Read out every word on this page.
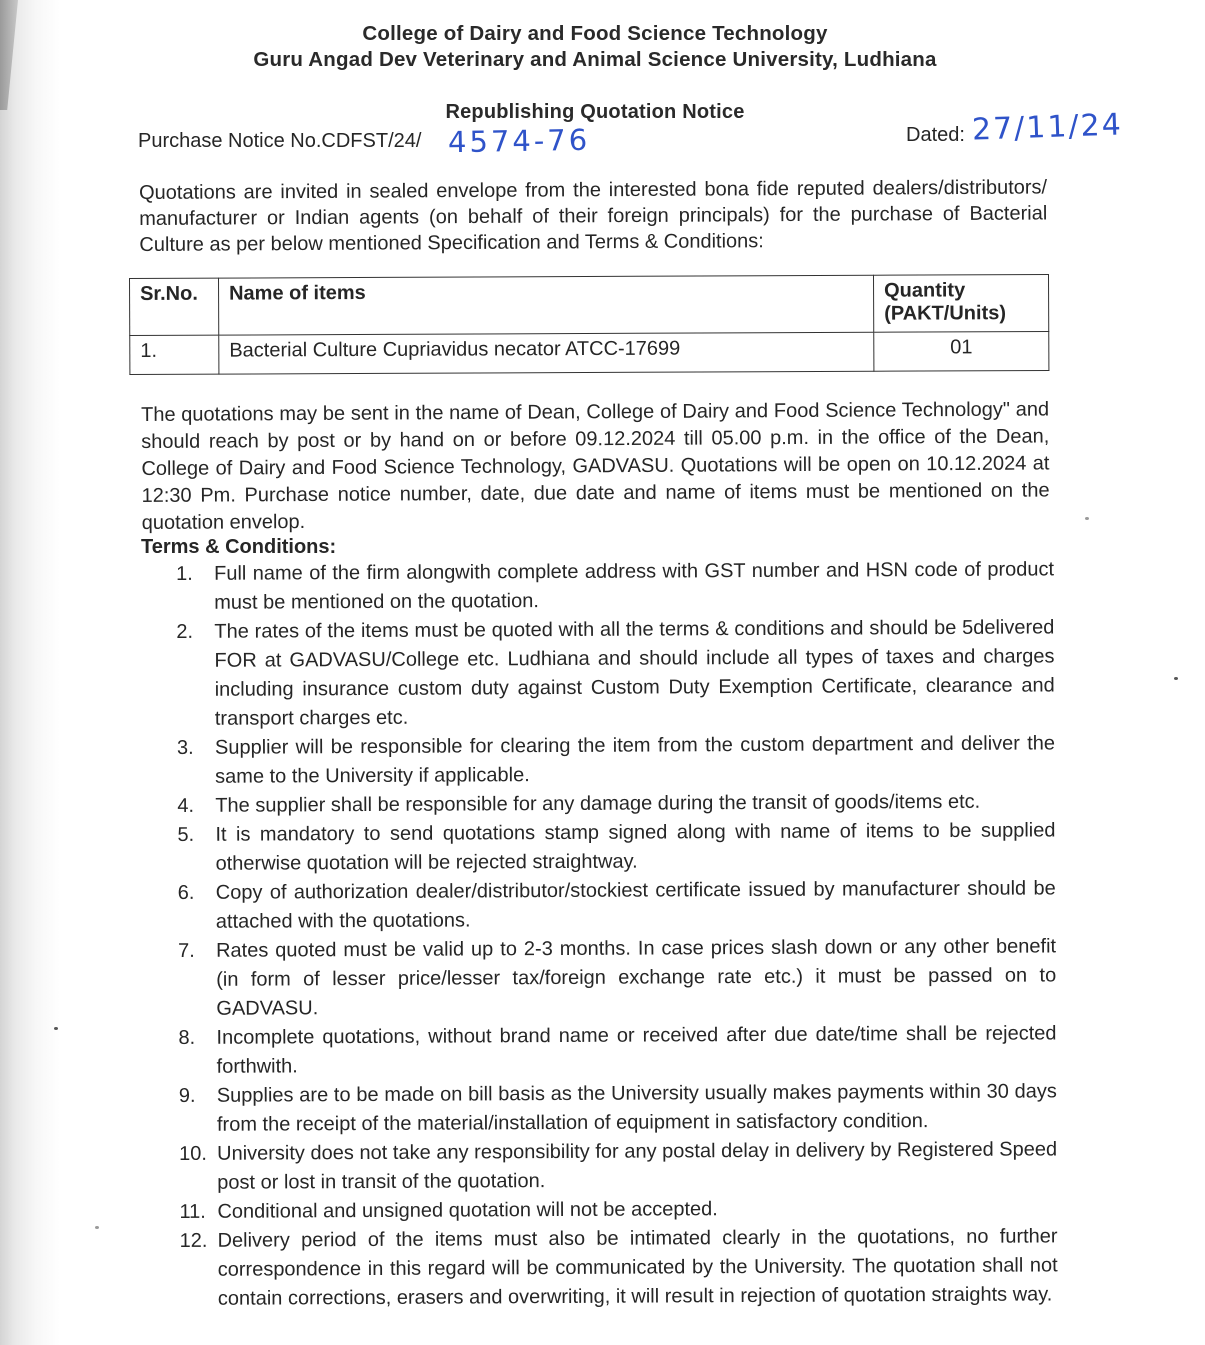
College of Dairy and Food Science Technology
Guru Angad Dev Veterinary and Animal Science University, Ludhiana
Republishing Quotation Notice
Purchase Notice No.CDFST/24/ 4574-76	Dated: 27/11/24
Quotations are invited in sealed envelope from the interested bona fide reputed dealers/distributors/ manufacturer or Indian agents (on behalf of their foreign principals) for the purchase of Bacterial Culture as per below mentioned Specification and Terms & Conditions:
Sr.No.	Name of items	Quantity (PAKT/Units)
1.	Bacterial Culture Cupriavidus necator ATCC-17699	01
The quotations may be sent in the name of Dean, College of Dairy and Food Science Technology" and should reach by post or by hand on or before 09.12.2024 till 05.00 p.m. in the office of the Dean, College of Dairy and Food Science Technology, GADVASU. Quotations will be open on 10.12.2024 at 12:30 Pm. Purchase notice number, date, due date and name of items must be mentioned on the quotation envelop.
Terms & Conditions:
1. Full name of the firm alongwith complete address with GST number and HSN code of product must be mentioned on the quotation.
2. The rates of the items must be quoted with all the terms & conditions and should be 5delivered FOR at GADVASU/College etc. Ludhiana and should include all types of taxes and charges including insurance custom duty against Custom Duty Exemption Certificate, clearance and transport charges etc.
3. Supplier will be responsible for clearing the item from the custom department and deliver the same to the University if applicable.
4. The supplier shall be responsible for any damage during the transit of goods/items etc.
5. It is mandatory to send quotations stamp signed along with name of items to be supplied otherwise quotation will be rejected straightway.
6. Copy of authorization dealer/distributor/stockiest certificate issued by manufacturer should be attached with the quotations.
7. Rates quoted must be valid up to 2-3 months. In case prices slash down or any other benefit (in form of lesser price/lesser tax/foreign exchange rate etc.) it must be passed on to GADVASU.
8. Incomplete quotations, without brand name or received after due date/time shall be rejected forthwith.
9. Supplies are to be made on bill basis as the University usually makes payments within 30 days from the receipt of the material/installation of equipment in satisfactory condition.
10. University does not take any responsibility for any postal delay in delivery by Registered Speed post or lost in transit of the quotation.
11. Conditional and unsigned quotation will not be accepted.
12. Delivery period of the items must also be intimated clearly in the quotations, no further correspondence in this regard will be communicated by the University. The quotation shall not contain corrections, erasers and overwriting, it will result in rejection of quotation straights way.
